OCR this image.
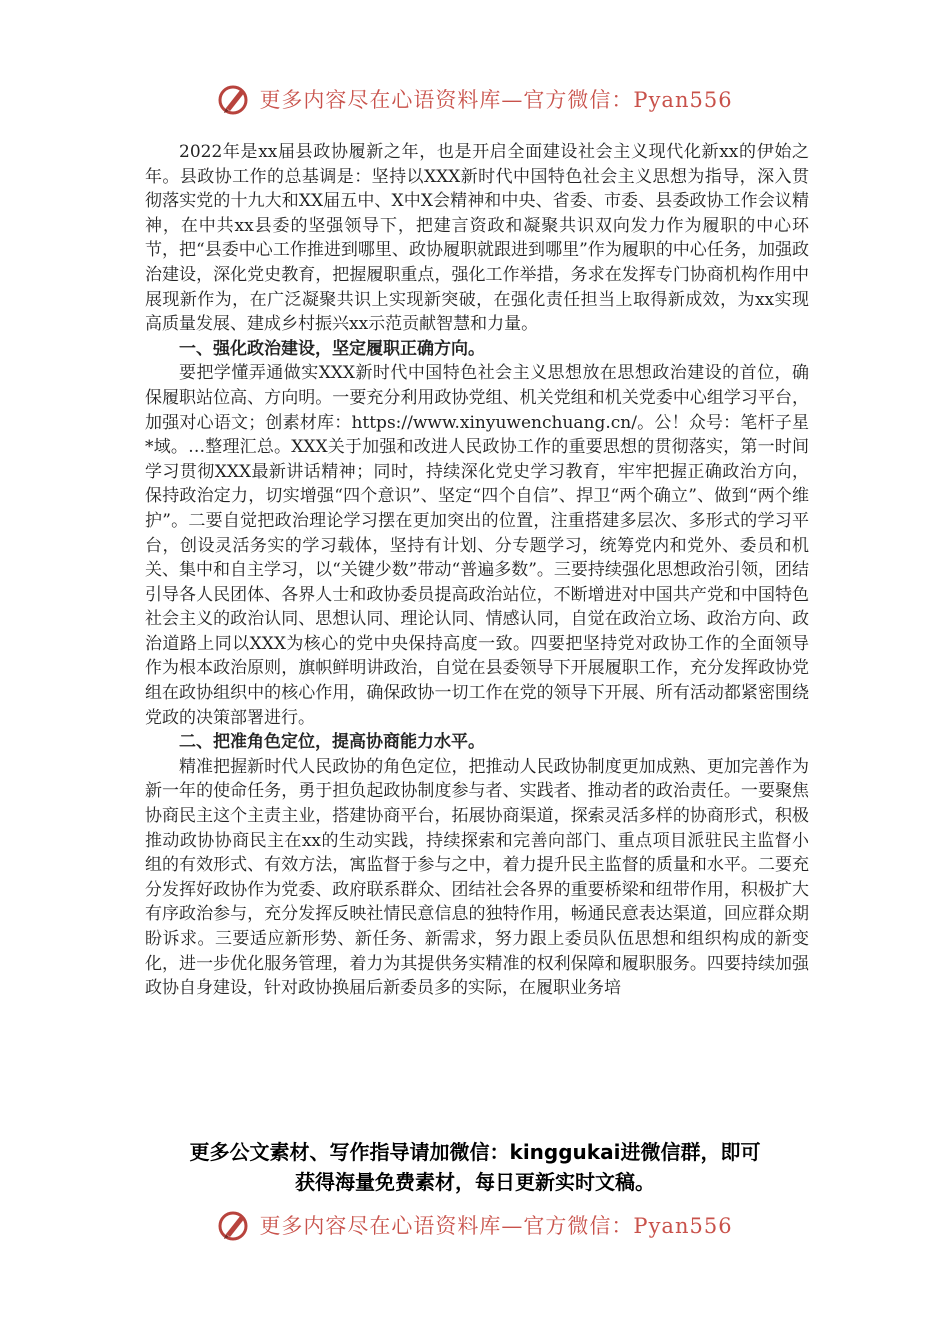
更多内容尽在心语资料库—官方微信：Pyan556

2022年是xx届县政协履新之年，也是开启全面建设社会主义现代化新xx的伊始之年。县政协工作的总基调是：坚持以XXX新时代中国特色社会主义思想为指导，深入贯彻落实党的十九大和XX届五中、X中X会精神和中央、省委、市委、县委政协工作会议精神，在中共xx县委的坚强领导下，把建言资政和凝聚共识双向发力作为履职的中心环节，把“县委中心工作推进到哪里、政协履职就跟进到哪里”作为履职的中心任务，加强政治建设，深化党史教育，把握履职重点，强化工作举措，务求在发挥专门协商机构作用中展现新作为，在广泛凝聚共识上实现新突破，在强化责任担当上取得新成效，为xx实现高质量发展、建成乡村振兴xx示范贡献智慧和力量。

一、强化政治建设，坚定履职正确方向。

要把学懂弄通做实XXX新时代中国特色社会主义思想放在思想政治建设的首位，确保履职站位高、方向明。一要充分利用政协党组、机关党组和机关党委中心组学习平台，加强对心语文；创素材库：https://www.xinyuwenchuang.cn/。公！众号：笔杆子星*域。…整理汇总。XXX关于加强和改进人民政协工作的重要思想的贯彻落实，第一时间学习贯彻XXX最新讲话精神；同时，持续深化党史学习教育，牢牢把握正确政治方向，保持政治定力，切实增强“四个意识”、坚定“四个自信”、捍卫“两个确立”、做到“两个维护”。二要自觉把政治理论学习摆在更加突出的位置，注重搭建多层次、多形式的学习平台，创设灵活务实的学习载体，坚持有计划、分专题学习，统筹党内和党外、委员和机关、集中和自主学习，以“关键少数”带动“普遍多数”。三要持续强化思想政治引领，团结引导各人民团体、各界人士和政协委员提高政治站位，不断增进对中国共产党和中国特色社会主义的政治认同、思想认同、理论认同、情感认同，自觉在政治立场、政治方向、政治道路上同以XXX为核心的党中央保持高度一致。四要把坚持党对政协工作的全面领导作为根本政治原则，旗帜鲜明讲政治，自觉在县委领导下开展履职工作，充分发挥政协党组在政协组织中的核心作用，确保政协一切工作在党的领导下开展、所有活动都紧密围绕党政的决策部署进行。

二、把准角色定位，提高协商能力水平。

精准把握新时代人民政协的角色定位，把推动人民政协制度更加成熟、更加完善作为新一年的使命任务，勇于担负起政协制度参与者、实践者、推动者的政治责任。一要聚焦协商民主这个主责主业，搭建协商平台，拓展协商渠道，探索灵活多样的协商形式，积极推动政协协商民主在xx的生动实践，持续探索和完善向部门、重点项目派驻民主监督小组的有效形式、有效方法，寓监督于参与之中，着力提升民主监督的质量和水平。二要充分发挥好政协作为党委、政府联系群众、团结社会各界的重要桥梁和纽带作用，积极扩大有序政治参与，充分发挥反映社情民意信息的独特作用，畅通民意表达渠道，回应群众期盼诉求。三要适应新形势、新任务、新需求，努力跟上委员队伍思想和组织构成的新变化，进一步优化服务管理，着力为其提供务实精准的权利保障和履职服务。四要持续加强政协自身建设，针对政协换届后新委员多的实际，在履职业务培

更多公文素材、写作指导请加微信：kinggukai进微信群，即可
获得海量免费素材，每日更新实时文稿。
更多内容尽在心语资料库—官方微信：Pyan556
